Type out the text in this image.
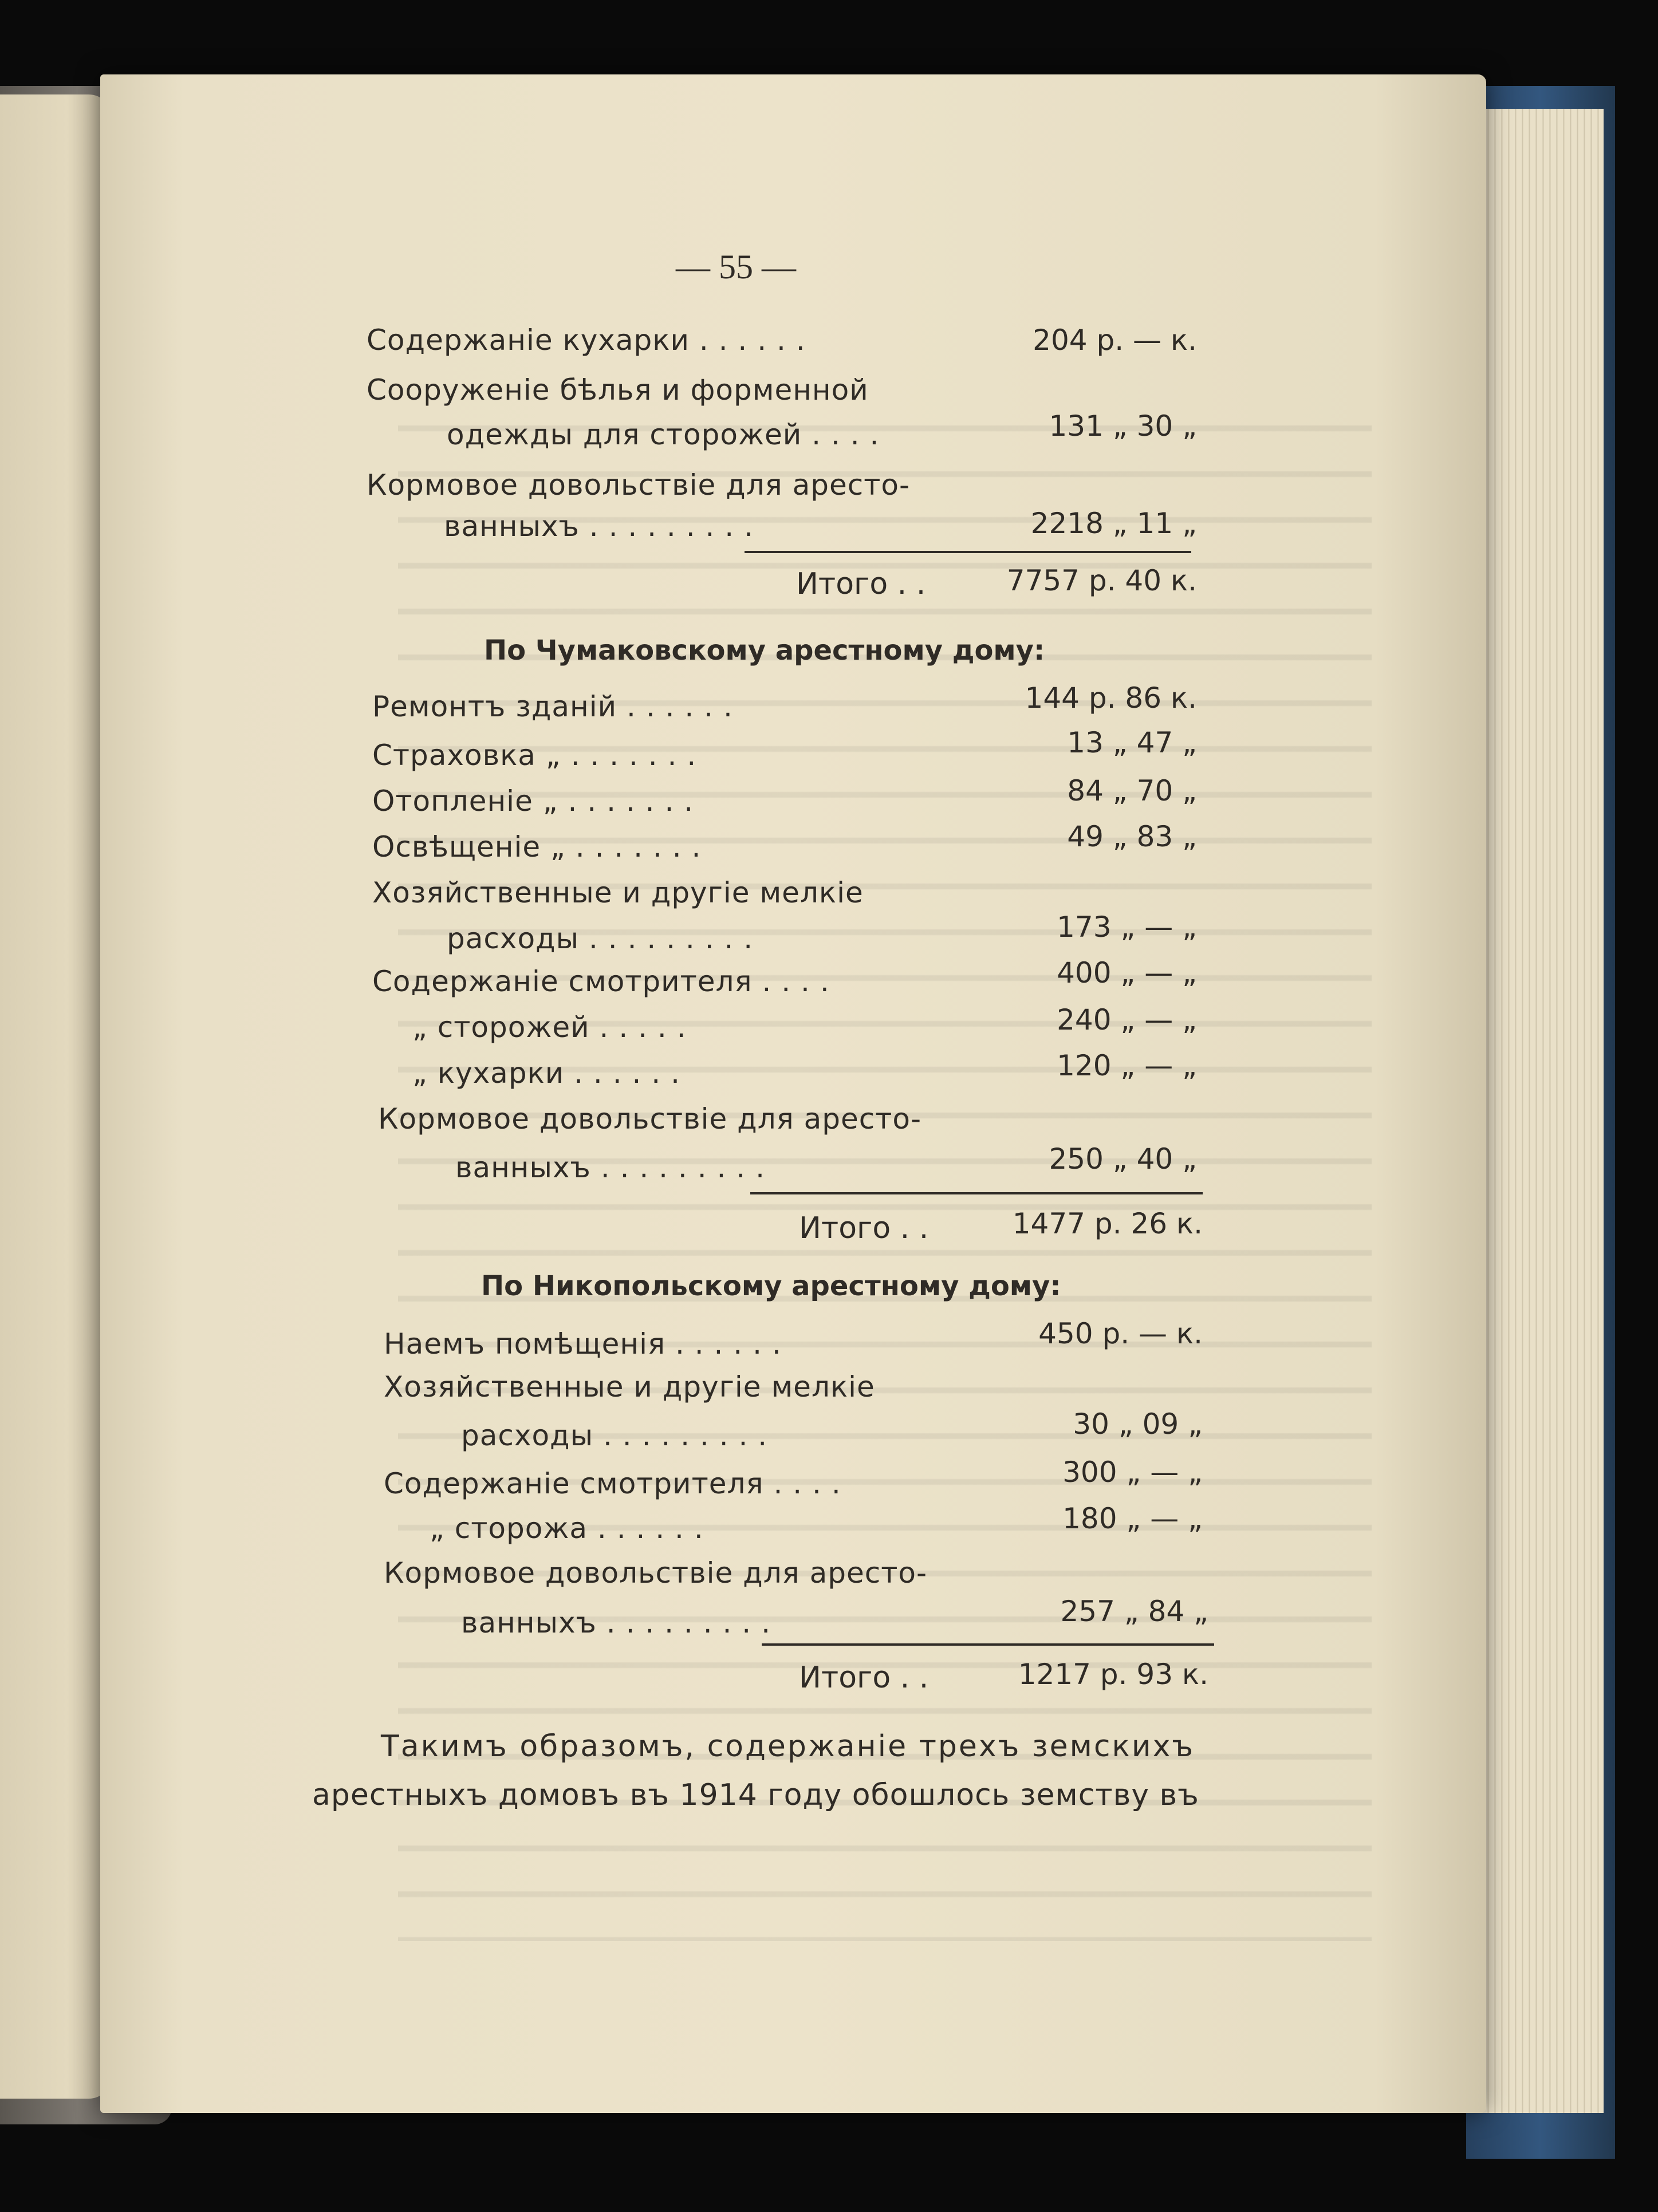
— 55 —
Содержаніе кухарки . . . . . .	204 р. — к.
Сооруженіе бѣлья и форменной
одежды для сторожей . . . .	131 „ 30 „
Кормовое довольствіе для аресто-
ванныхъ . . . . . . . . .	2218 „ 11 „
Итого . .	7757 р. 40 к.
По Чумаковскому арестному дому:
Ремонтъ зданій . . . . . .	144 р. 86 к.
Страховка „ . . . . . . .	13 „ 47 „
Отопленіе „ . . . . . . .	84 „ 70 „
Освѣщеніе „ . . . . . . .	49 „ 83 „
Хозяйственные и другіе мелкіе
расходы . . . . . . . . .	173 „ — „
Содержаніе смотрителя . . . .	400 „ — „
„ сторожей . . . . .	240 „ — „
„ кухарки . . . . . .	120 „ — „
Кормовое довольствіе для аресто-
ванныхъ . . . . . . . . .	250 „ 40 „
Итого . .	1477 р. 26 к.
По Никопольскому арестному дому:
Наемъ помѣщенія . . . . . .	450 р. — к.
Хозяйственные и другіе мелкіе
расходы . . . . . . . . .	30 „ 09 „
Содержаніе смотрителя . . . .	300 „ — „
„ сторожа . . . . . .	180 „ — „
Кормовое довольствіе для аресто-
ванныхъ . . . . . . . . .	257 „ 84 „
Итого . .	1217 р. 93 к.
Такимъ образомъ, содержаніе трехъ земскихъ
арестныхъ домовъ въ 1914 году обошлось земству въ
